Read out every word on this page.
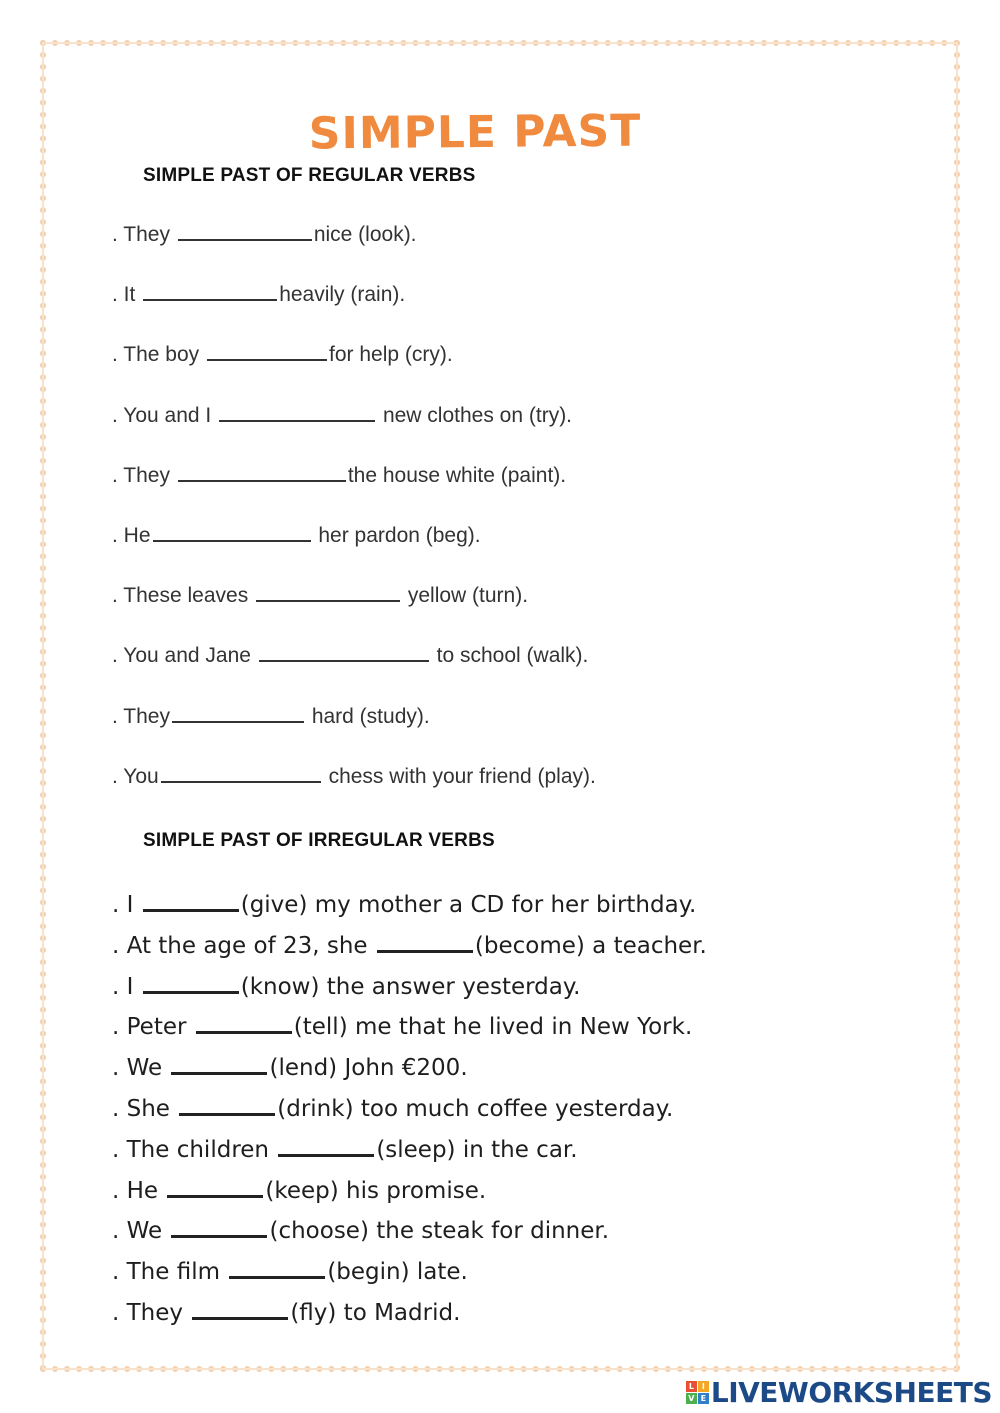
SIMPLE PAST
SIMPLE PAST OF REGULAR VERBS
. They	nice (look).
. It	heavily (rain).
. The boy	for help (cry).
. You and I	new clothes on (try).
. They	the house white (paint).
. He	her pardon (beg).
. These leaves	yellow (turn).
. You and Jane	to school (walk).
. They	hard (study).
. You	chess with your friend (play).
SIMPLE PAST OF IRREGULAR VERBS
. I	(give) my mother a CD for her birthday.
. At the age of 23, she	(become) a teacher.
. I	(know) the answer yesterday.
. Peter	(tell) me that he lived in New York.
. We	(lend) John €200.
. She	(drink) too much coffee yesterday.
. The children	(sleep) in the car.
. He	(keep) his promise.
. We	(choose) the steak for dinner.
. The film	(begin) late.
. They	(fly) to Madrid.
L I
V E LIVEWORKSHEETS
